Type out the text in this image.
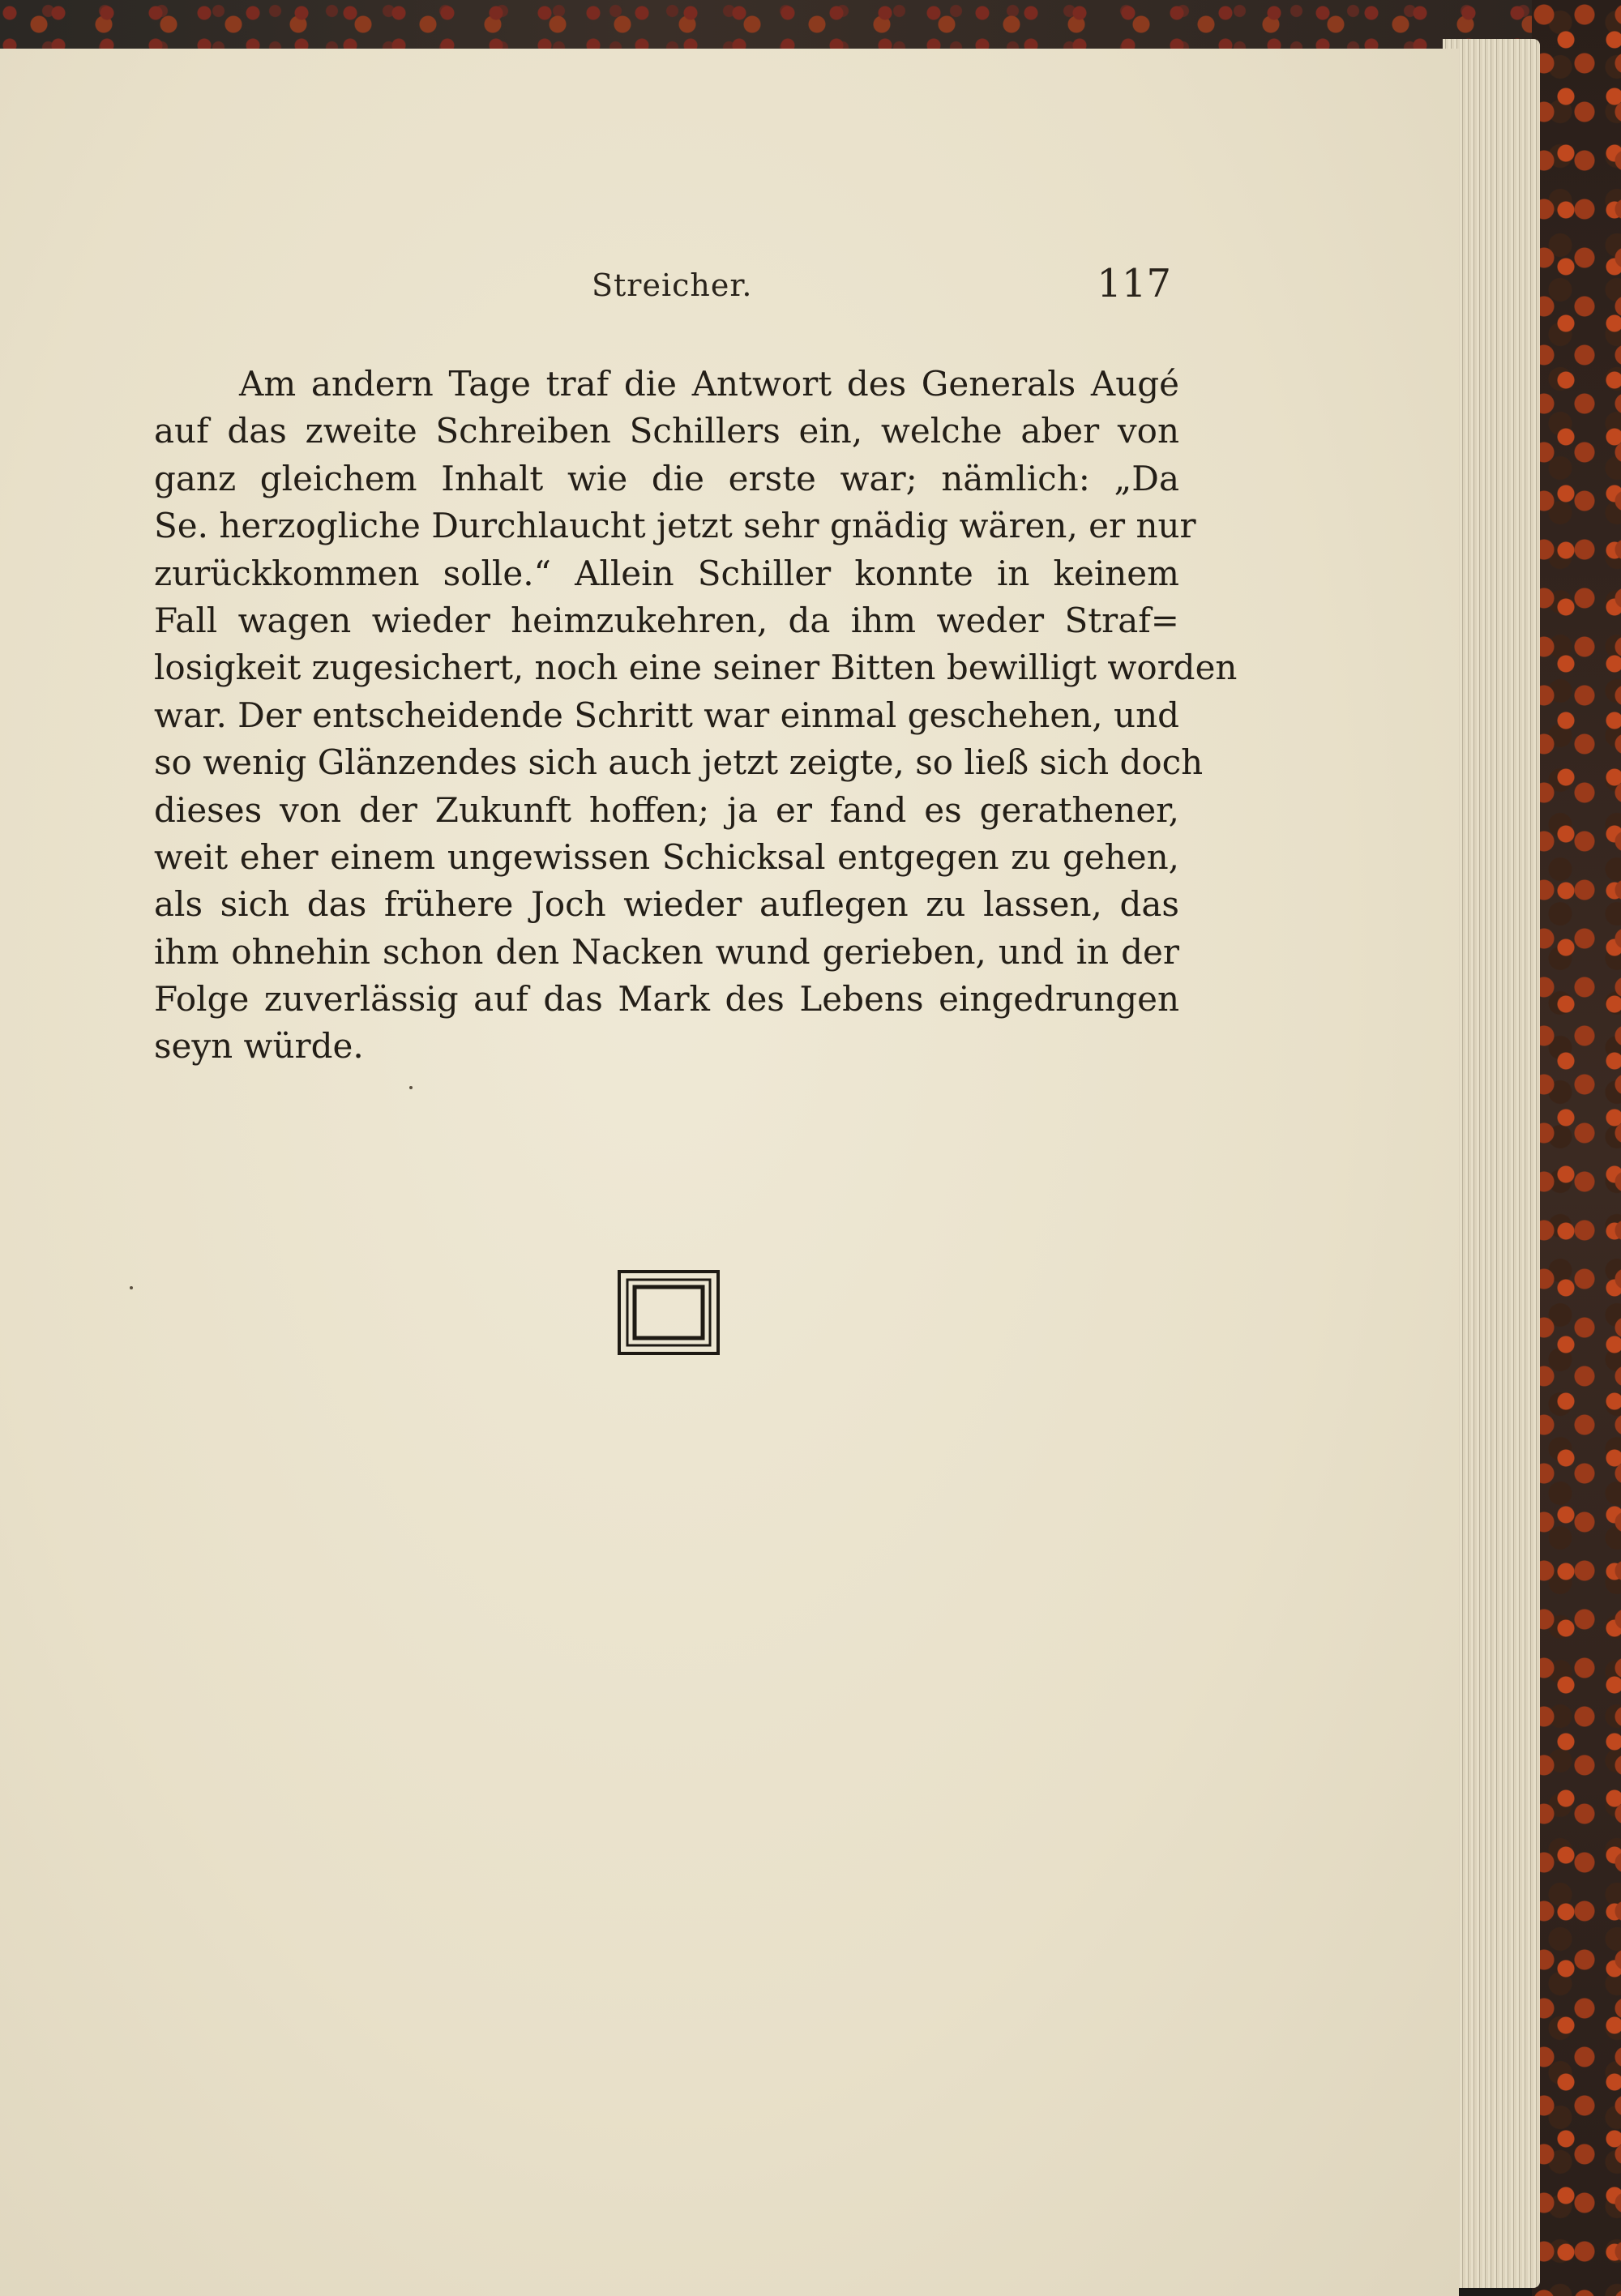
Streicher.	117
Am andern Tage traf die Antwort des Generals Augé
auf das zweite Schreiben Schillers ein, welche aber von
ganz gleichem Inhalt wie die erste war; nämlich: „Da
Se. herzogliche Durchlaucht jetzt sehr gnädig wären, er nur
zurückkommen solle.“ Allein Schiller konnte in keinem
Fall wagen wieder heimzukehren, da ihm weder Straf=
losigkeit zugesichert, noch eine seiner Bitten bewilligt worden
war. Der entscheidende Schritt war einmal geschehen, und
so wenig Glänzendes sich auch jetzt zeigte, so ließ sich doch
dieses von der Zukunft hoffen; ja er fand es gerathener,
weit eher einem ungewissen Schicksal entgegen zu gehen,
als sich das frühere Joch wieder auflegen zu lassen, das
ihm ohnehin schon den Nacken wund gerieben, und in der
Folge zuverlässig auf das Mark des Lebens eingedrungen
seyn würde.
